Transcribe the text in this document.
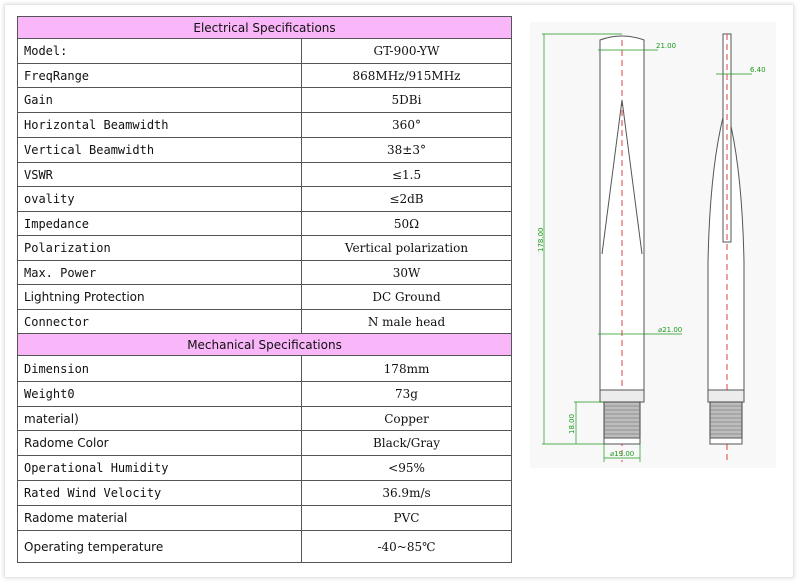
Electrical Specifications	
Model:	GT-900-YW
FreqRange	868MHz/915MHz
Gain	5DBi
Horizontal Beamwidth	360°
Vertical Beamwidth	38±3°
VSWR	≤1.5
ovality	≤2dB
Impedance	50Ω
Polarization	Vertical polarization
Max. Power	30W
Lightning Protection	DC Ground
Connector	N male head
Mechanical Specifications	
Dimension	178mm
Weight0	73g
material)	Copper
Radome Color	Black/Gray
Operational Humidity	<95%
Rated Wind Velocity	36.9m/s
Radome material	PVC
Operating temperature	-40~85℃
21.00
178.00
⌀21.00
18.00
⌀19.00
6.40
